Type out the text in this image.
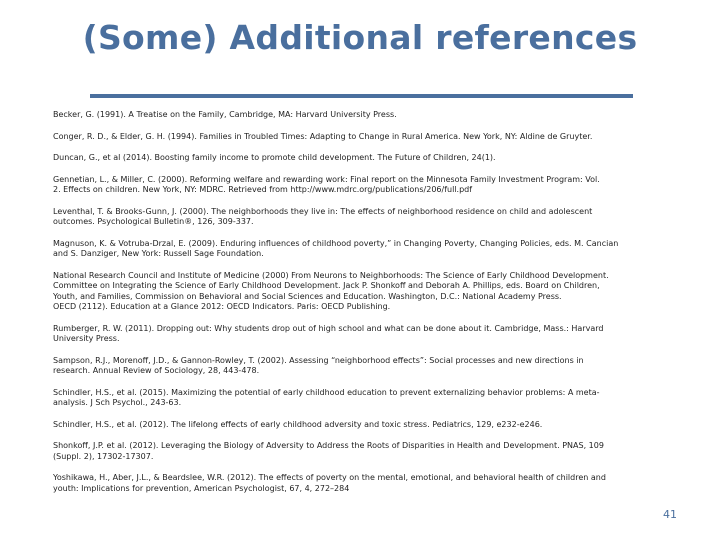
(Some) Additional references
Becker, G. (1991). A Treatise on the Family, Cambridge, MA: Harvard University Press.
Conger, R. D., & Elder, G. H. (1994). Families in Troubled Times: Adapting to Change in Rural America. New York, NY: Aldine de Gruyter.
Duncan, G., et al (2014). Boosting family income to promote child development. The Future of Children, 24(1).
Gennetian, L., & Miller, C. (2000). Reforming welfare and rewarding work: Final report on the Minnesota Family Investment Program: Vol.
2. Effects on children. New York, NY: MDRC. Retrieved from http://www.mdrc.org/publications/206/full.pdf
Leventhal, T. & Brooks-Gunn, J. (2000). The neighborhoods they live in: The effects of neighborhood residence on child and adolescent
outcomes. Psychological Bulletin®, 126, 309-337.
Magnuson, K. & Votruba-Drzal, E. (2009). Enduring influences of childhood poverty,” in Changing Poverty, Changing Policies, eds. M. Cancian
and S. Danziger, New York: Russell Sage Foundation.
National Research Council and Institute of Medicine (2000) From Neurons to Neighborhoods: The Science of Early Childhood Development.
Committee on Integrating the Science of Early Childhood Development. Jack P. Shonkoff and Deborah A. Phillips, eds. Board on Children,
Youth, and Families, Commission on Behavioral and Social Sciences and Education. Washington, D.C.: National Academy Press.
OECD (2112). Education at a Glance 2012: OECD Indicators. Paris: OECD Publishing.
Rumberger, R. W. (2011). Dropping out: Why students drop out of high school and what can be done about it. Cambridge, Mass.: Harvard
University Press.
Sampson, R.J., Morenoff, J.D., & Gannon-Rowley, T. (2002). Assessing “neighborhood effects”: Social processes and new directions in
research. Annual Review of Sociology, 28, 443-478.
Schindler, H.S., et al. (2015). Maximizing the potential of early childhood education to prevent externalizing behavior problems: A meta-
analysis. J Sch Psychol., 243-63.
Schindler, H.S., et al. (2012). The lifelong effects of early childhood adversity and toxic stress. Pediatrics, 129, e232-e246.
Shonkoff, J.P. et al. (2012). Leveraging the Biology of Adversity to Address the Roots of Disparities in Health and Development. PNAS, 109
(Suppl. 2), 17302-17307.
Yoshikawa, H., Aber, J.L., & Beardslee, W.R. (2012). The effects of poverty on the mental, emotional, and behavioral health of children and
youth: Implications for prevention, American Psychologist, 67, 4, 272–284
41
